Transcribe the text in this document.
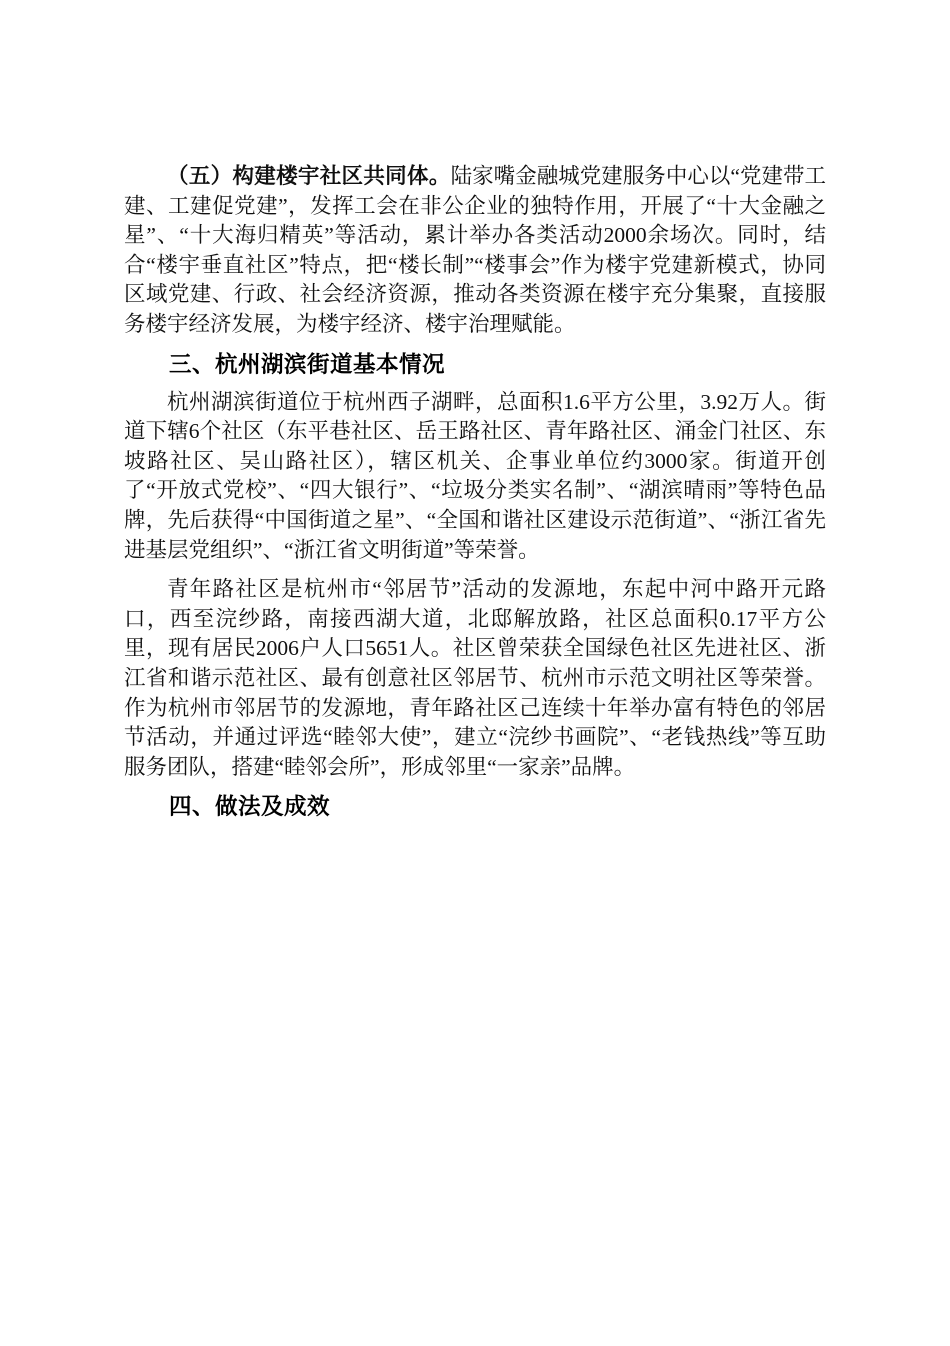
（五）构建楼宇社区共同体。陆家嘴金融城党建服务中心以“党建带工建、工建促党建”，发挥工会在非公企业的独特作用，开展了“十大金融之星”、“十大海归精英”等活动，累计举办各类活动2000余场次。同时，结合“楼宇垂直社区”特点，把“楼长制”“楼事会”作为楼宇党建新模式，协同区域党建、行政、社会经济资源，推动各类资源在楼宇充分集聚，直接服务楼宇经济发展，为楼宇经济、楼宇治理赋能。

三、杭州湖滨街道基本情况

杭州湖滨街道位于杭州西子湖畔，总面积1.6平方公里，3.92万人。街道下辖6个社区（东平巷社区、岳王路社区、青年路社区、涌金门社区、东坡路社区、吴山路社区），辖区机关、企事业单位约3000家。街道开创了“开放式党校”、“四大银行”、“垃圾分类实名制”、“湖滨晴雨”等特色品牌，先后获得“中国街道之星”、“全国和谐社区建设示范街道”、“浙江省先进基层党组织”、“浙江省文明街道”等荣誉。

青年路社区是杭州市“邻居节”活动的发源地，东起中河中路开元路口，西至浣纱路，南接西湖大道，北邸解放路，社区总面积0.17平方公里，现有居民2006户人口5651人。社区曾荣获全国绿色社区先进社区、浙江省和谐示范社区、最有创意社区邻居节、杭州市示范文明社区等荣誉。作为杭州市邻居节的发源地，青年路社区己连续十年举办富有特色的邻居节活动，并通过评选“睦邻大使”，建立“浣纱书画院”、“老钱热线”等互助服务团队，搭建“睦邻会所”，形成邻里“一家亲”品牌。

四、做法及成效
